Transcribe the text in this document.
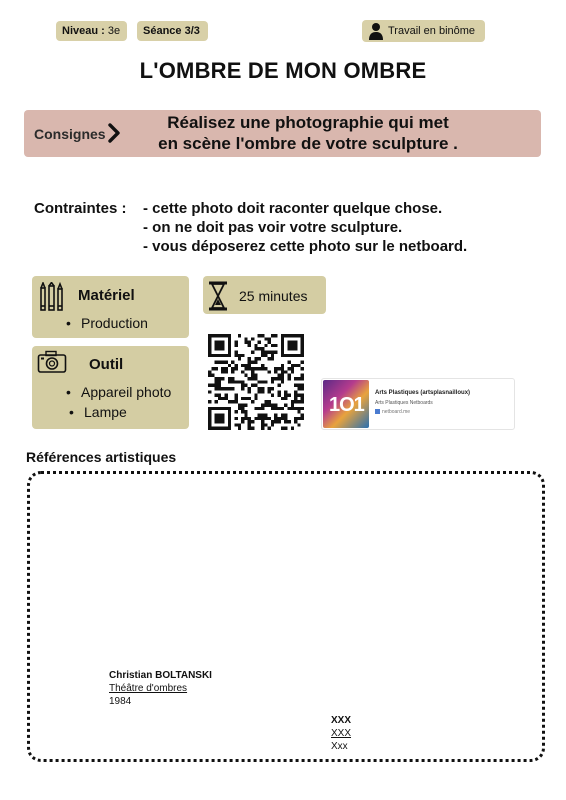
Niveau : 3e	Séance 3/3	Travail en binôme
L'OMBRE DE MON OMBRE
Consignes
Réalisez une photographie qui met
en scène l'ombre de votre sculpture .
Contraintes : - cette photo doit raconter quelque chose.
- on ne doit pas voir votre sculpture.
- vous déposerez cette photo sur le netboard.
Matériel
• Production
25 minutes
Outil
• Appareil photo
• Lampe	1O1
Arts Plastiques (artsplasnailloux)
Arts Plastiques Netboards
netboard.me
Références artistiques
Christian BOLTANSKI
Théâtre d'ombres
1984
XXX
XXX
Xxx
